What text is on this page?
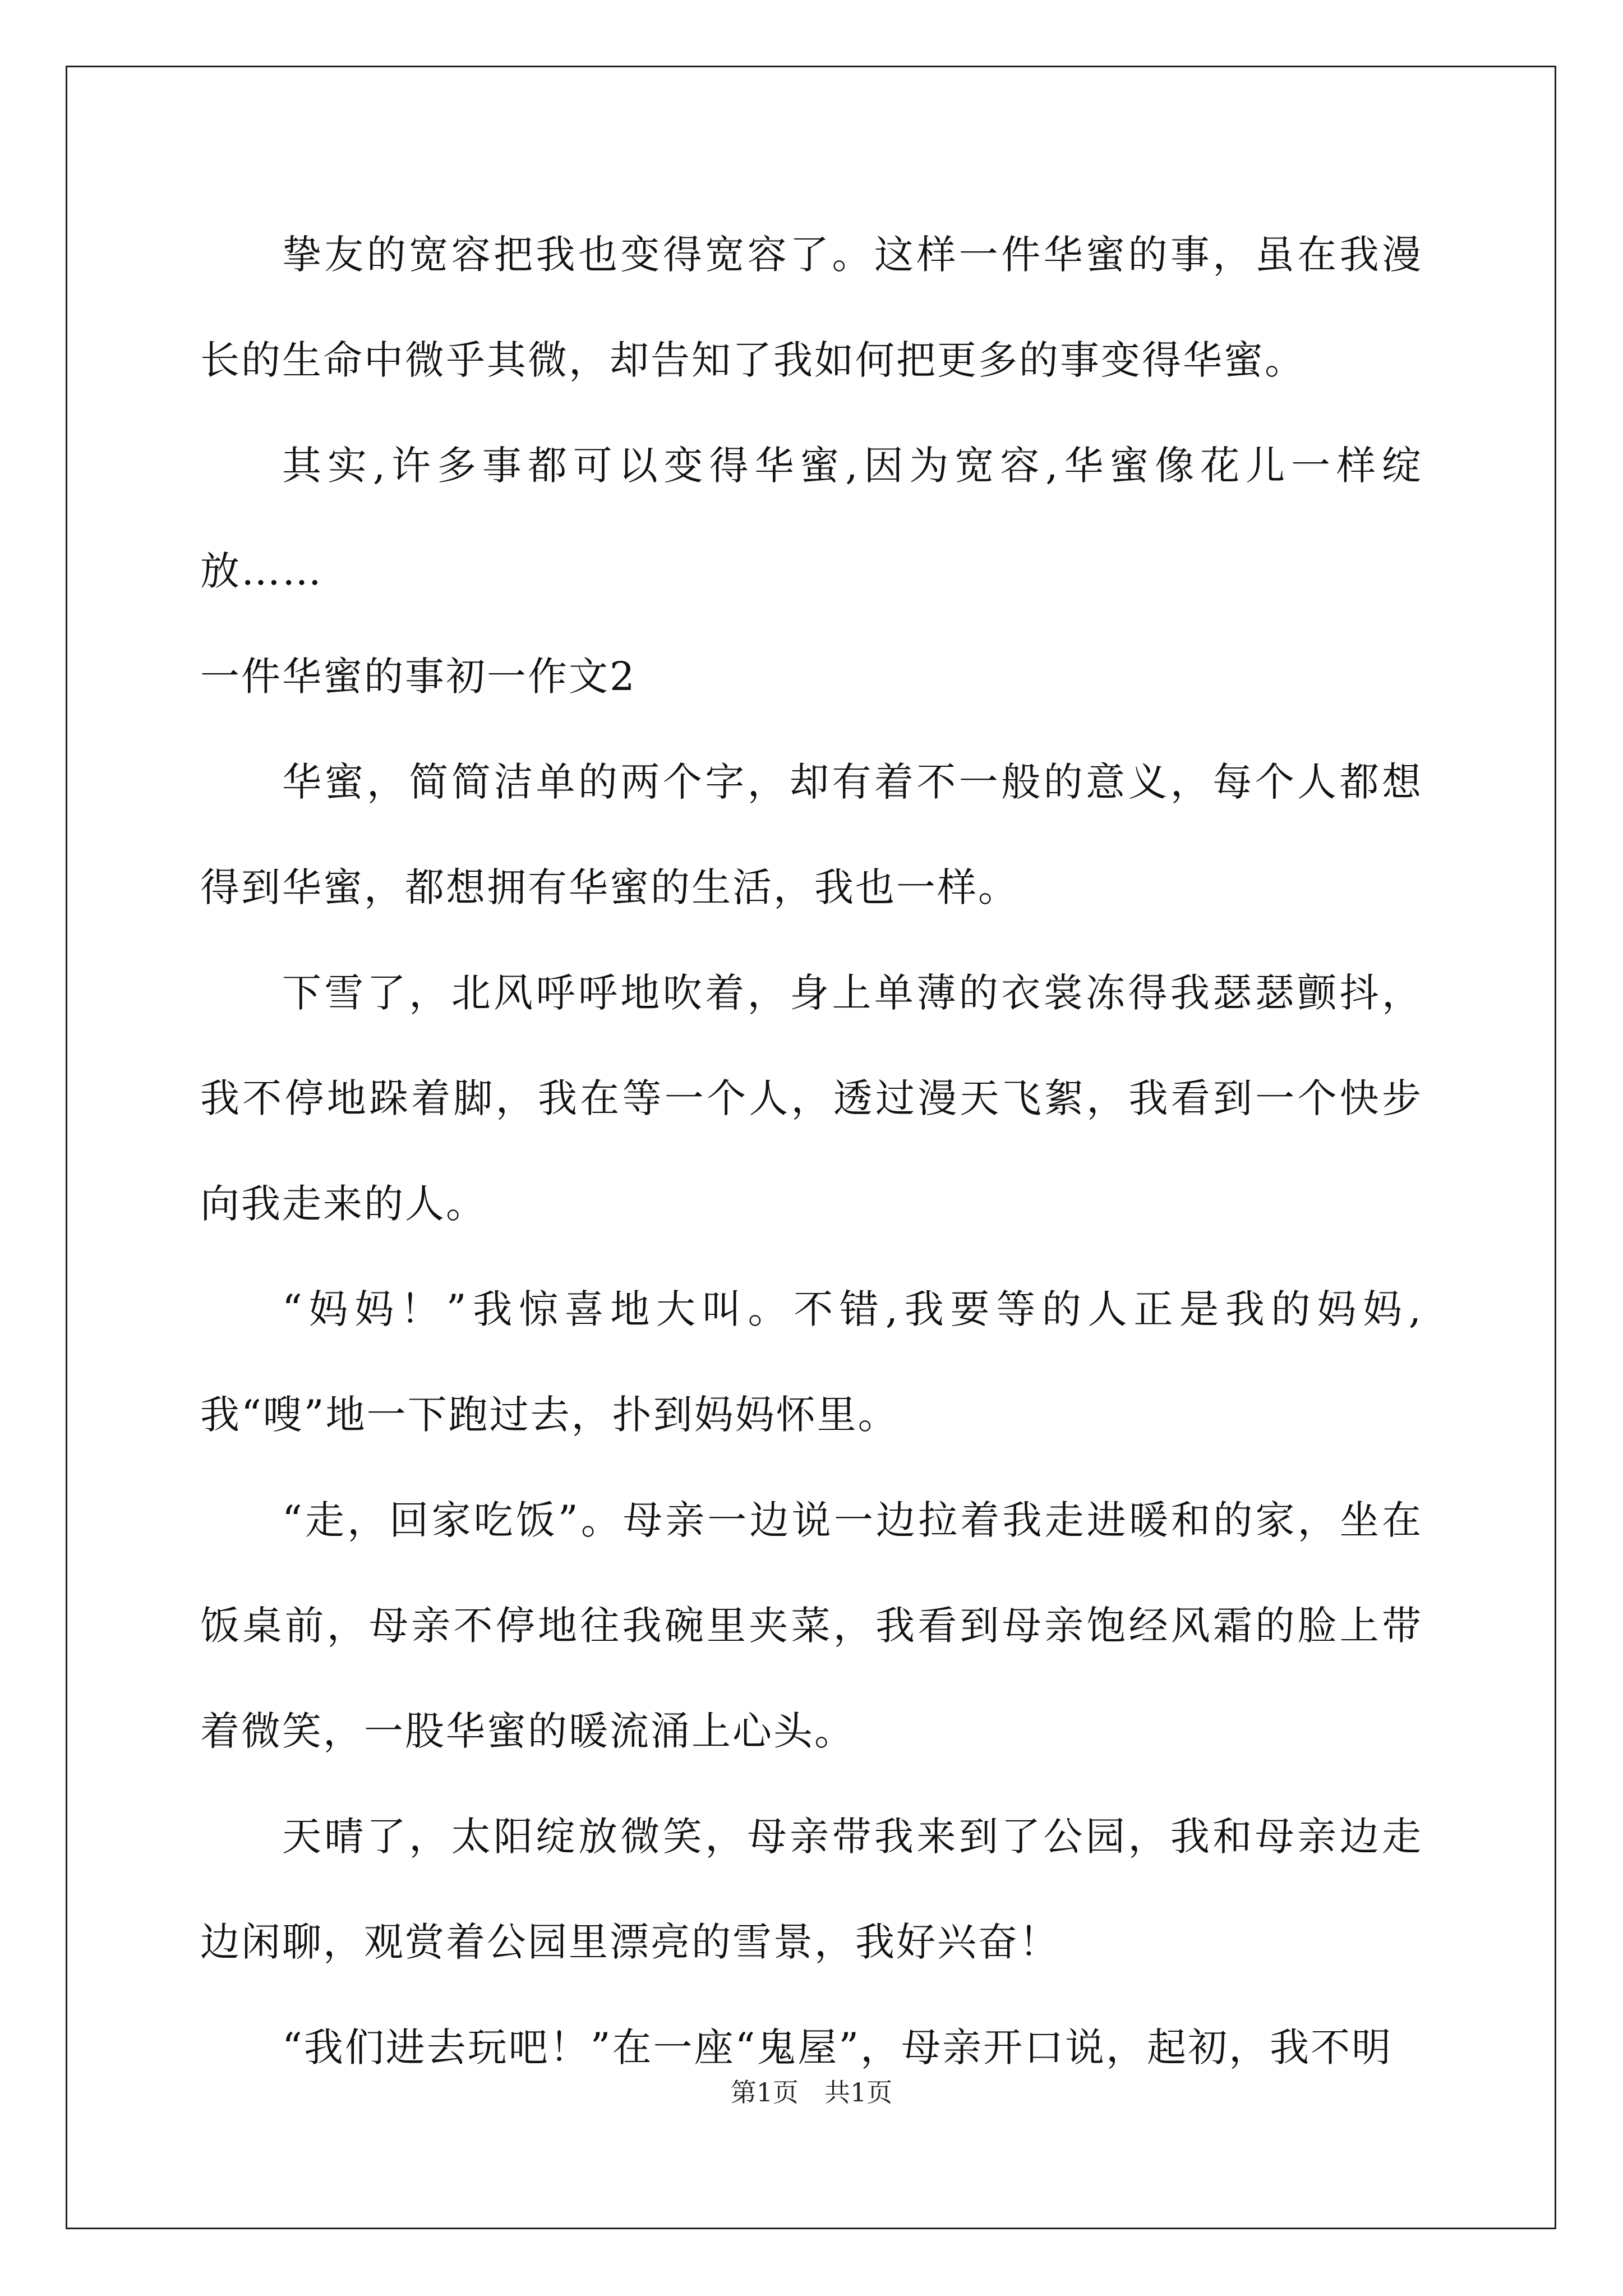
挚友的宽容把我也变得宽容了。这样一件华蜜的事，虽在我漫长的生命中微乎其微，却告知了我如何把更多的事变得华蜜。

其实,许多事都可以变得华蜜,因为宽容,华蜜像花儿一样绽放……

一件华蜜的事初一作文2

华蜜，简简洁单的两个字，却有着不一般的意义，每个人都想得到华蜜，都想拥有华蜜的生活，我也一样。

下雪了，北风呼呼地吹着，身上单薄的衣裳冻得我瑟瑟颤抖，我不停地跺着脚，我在等一个人，透过漫天飞絮，我看到一个快步向我走来的人。

“妈妈！”我惊喜地大叫。不错,我要等的人正是我的妈妈,我“嗖”地一下跑过去，扑到妈妈怀里。

“走，回家吃饭”。母亲一边说一边拉着我走进暖和的家，坐在饭桌前，母亲不停地往我碗里夹菜，我看到母亲饱经风霜的脸上带着微笑，一股华蜜的暖流涌上心头。

天晴了，太阳绽放微笑，母亲带我来到了公园，我和母亲边走边闲聊，观赏着公园里漂亮的雪景，我好兴奋！

“我们进去玩吧！”在一座“鬼屋”，母亲开口说，起初，我不明

第1页　共1页
